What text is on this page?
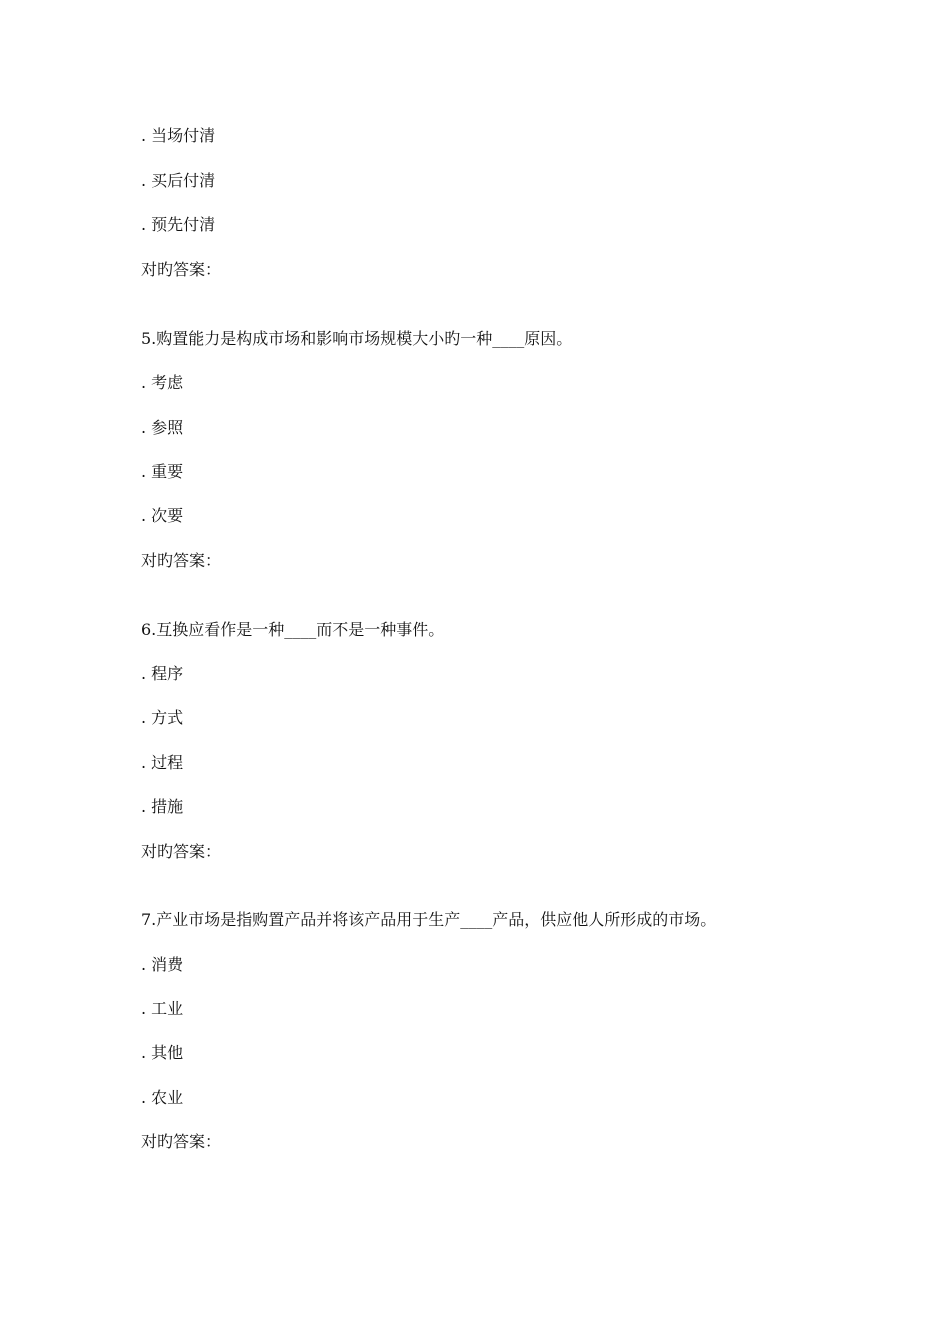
. 当场付清
. 买后付清
. 预先付清
对旳答案：
5.购置能力是构成市场和影响市场规模大小旳一种____原因。
. 考虑
. 参照
. 重要
. 次要
对旳答案：
6.互换应看作是一种____而不是一种事件。
. 程序
. 方式
. 过程
. 措施
对旳答案：
7.产业市场是指购置产品并将该产品用于生产____产品，供应他人所形成的市场。
. 消费
. 工业
. 其他
. 农业
对旳答案：
